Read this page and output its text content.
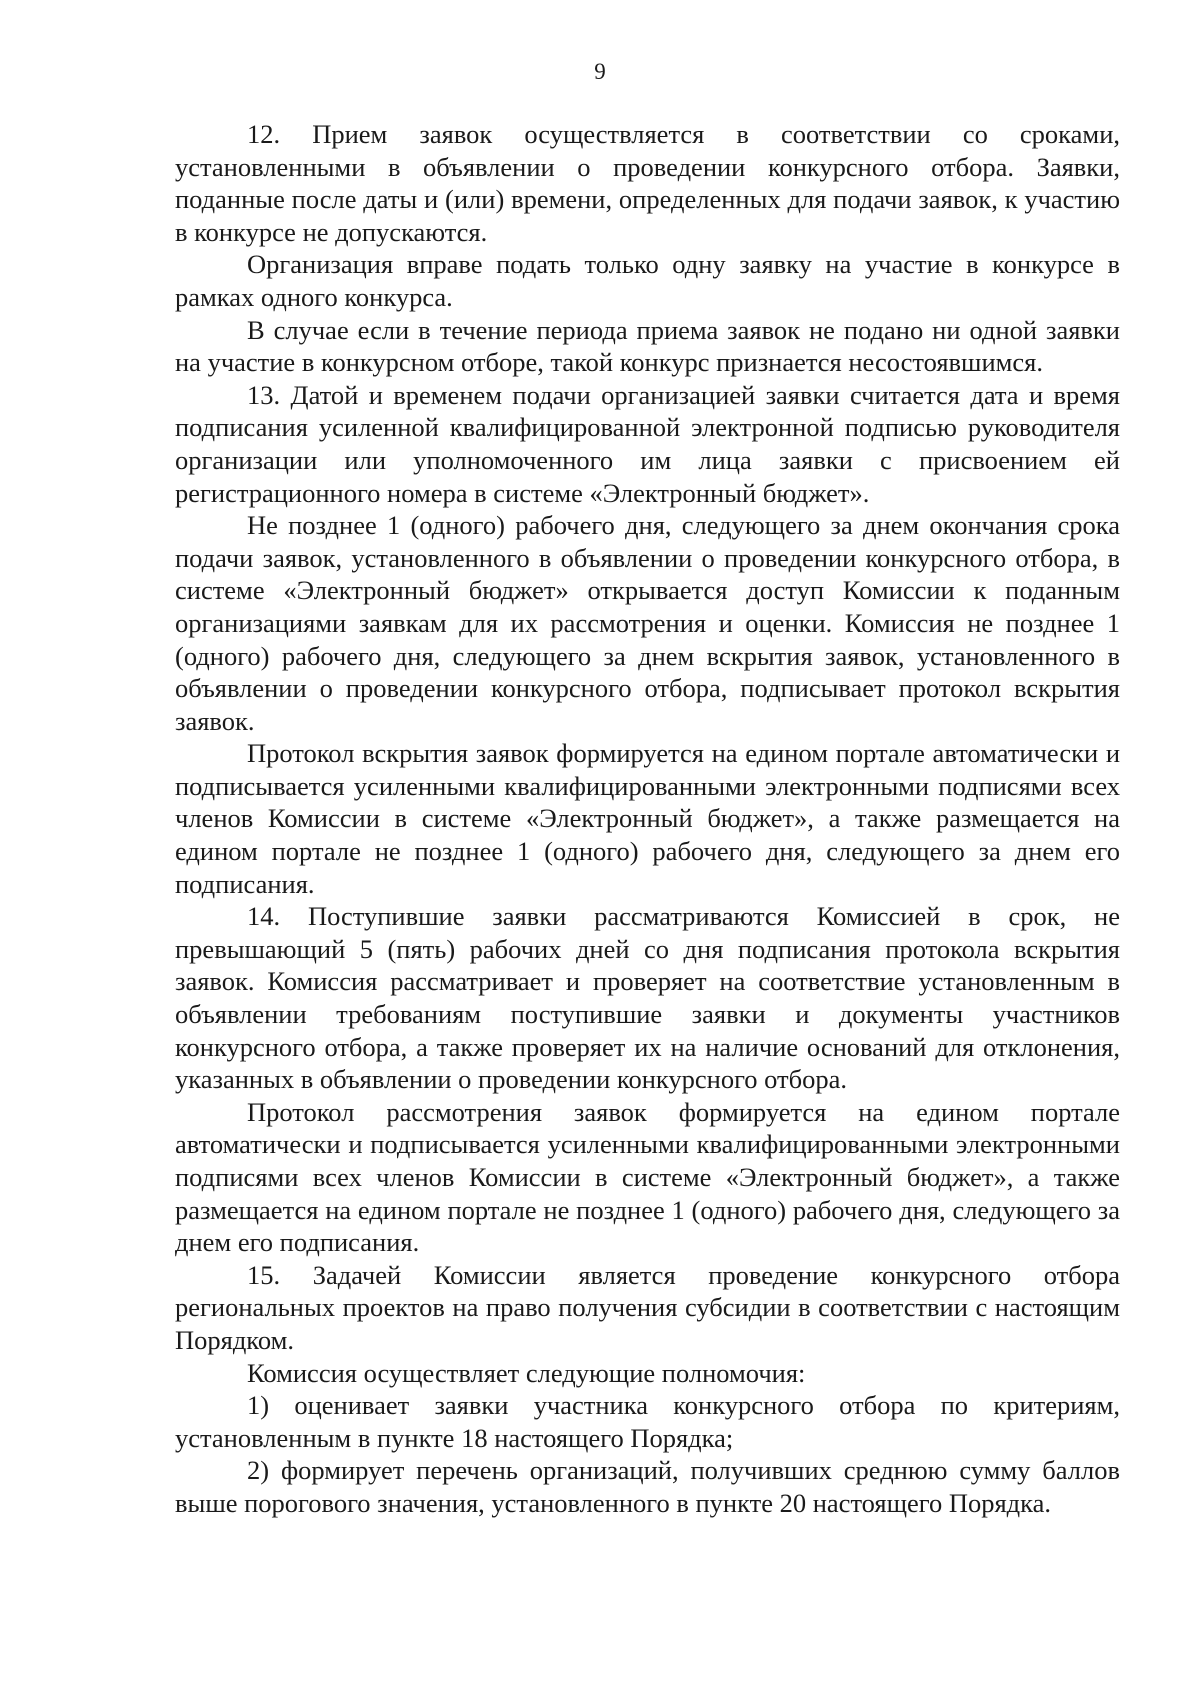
9

12. Прием заявок осуществляется в соответствии со сроками, установленными в объявлении о проведении конкурсного отбора. Заявки, поданные после даты и (или) времени, определенных для подачи заявок, к участию в конкурсе не допускаются.

Организация вправе подать только одну заявку на участие в конкурсе в рамках одного конкурса.

В случае если в течение периода приема заявок не подано ни одной заявки на участие в конкурсном отборе, такой конкурс признается несостоявшимся.

13. Датой и временем подачи организацией заявки считается дата и время подписания усиленной квалифицированной электронной подписью руководителя организации или уполномоченного им лица заявки с присвоением ей регистрационного номера в системе «Электронный бюджет».

Не позднее 1 (одного) рабочего дня, следующего за днем окончания срока подачи заявок, установленного в объявлении о проведении конкурсного отбора, в системе «Электронный бюджет» открывается доступ Комиссии к поданным организациями заявкам для их рассмотрения и оценки. Комиссия не позднее 1 (одного) рабочего дня, следующего за днем вскрытия заявок, установленного в объявлении о проведении конкурсного отбора, подписывает протокол вскрытия заявок.

Протокол вскрытия заявок формируется на едином портале автоматически и подписывается усиленными квалифицированными электронными подписями всех членов Комиссии в системе «Электронный бюджет», а также размещается на едином портале не позднее 1 (одного) рабочего дня, следующего за днем его подписания.

14. Поступившие заявки рассматриваются Комиссией в срок, не превышающий 5 (пять) рабочих дней со дня подписания протокола вскрытия заявок. Комиссия рассматривает и проверяет на соответствие установленным в объявлении требованиям поступившие заявки и документы участников конкурсного отбора, а также проверяет их на наличие оснований для отклонения, указанных в объявлении о проведении конкурсного отбора.

Протокол рассмотрения заявок формируется на едином портале автоматически и подписывается усиленными квалифицированными электронными подписями всех членов Комиссии в системе «Электронный бюджет», а также размещается на едином портале не позднее 1 (одного) рабочего дня, следующего за днем его подписания.

15. Задачей Комиссии является проведение конкурсного отбора региональных проектов на право получения субсидии в соответствии с настоящим Порядком.

Комиссия осуществляет следующие полномочия:

1) оценивает заявки участника конкурсного отбора по критериям, установленным в пункте 18 настоящего Порядка;

2) формирует перечень организаций, получивших среднюю сумму баллов выше порогового значения, установленного в пункте 20 настоящего Порядка.
